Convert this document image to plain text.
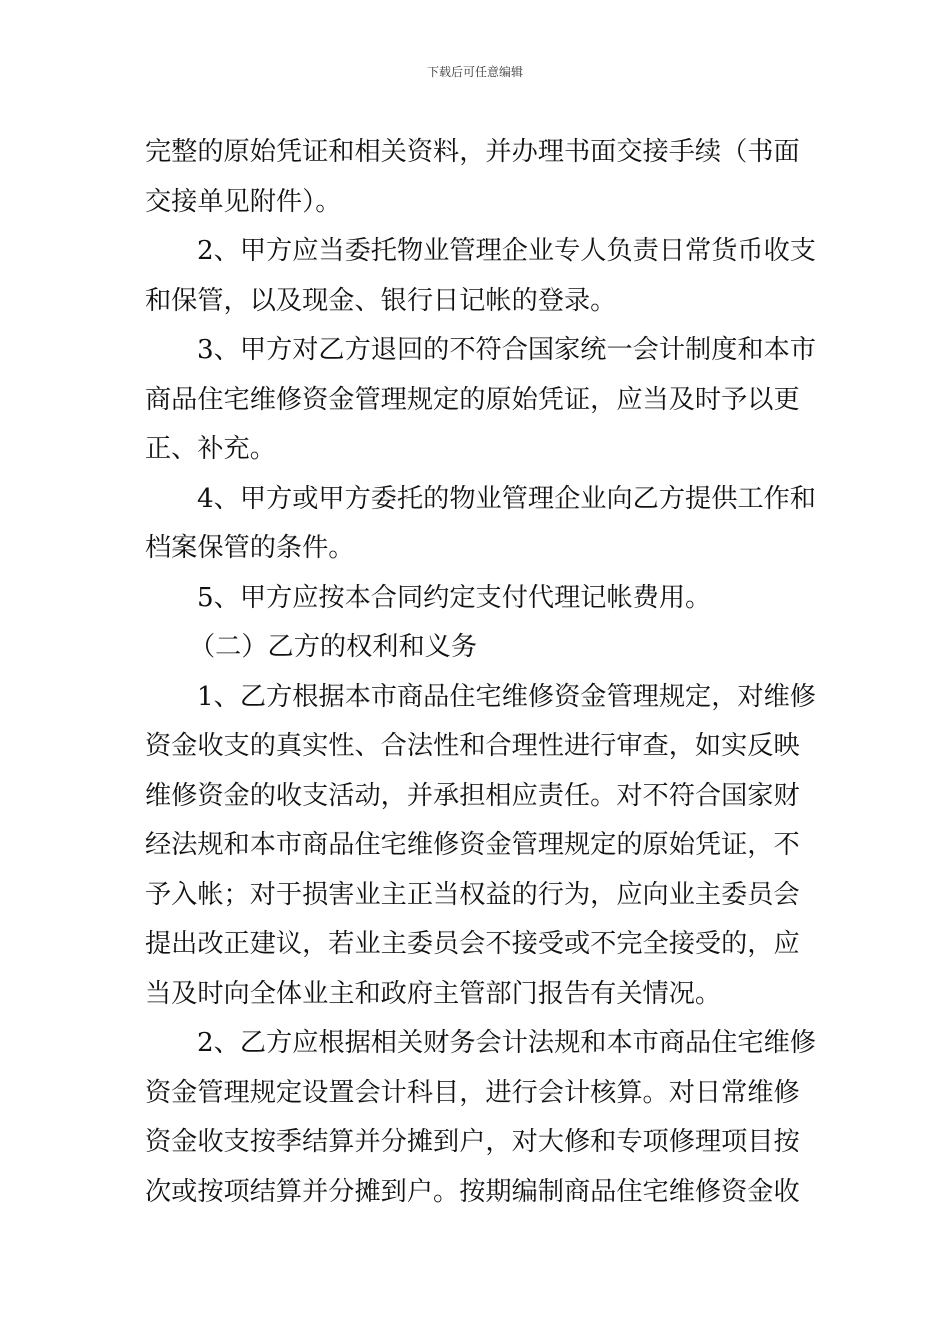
下载后可任意编辑
完整的原始凭证和相关资料，并办理书面交接手续（书面
交接单见附件）。
2、甲方应当委托物业管理企业专人负责日常货币收支
和保管，以及现金、银行日记帐的登录。
3、甲方对乙方退回的不符合国家统一会计制度和本市
商品住宅维修资金管理规定的原始凭证，应当及时予以更
正、补充。
4、甲方或甲方委托的物业管理企业向乙方提供工作和
档案保管的条件。
5、甲方应按本合同约定支付代理记帐费用。
（二）乙方的权利和义务
1、乙方根据本市商品住宅维修资金管理规定，对维修
资金收支的真实性、合法性和合理性进行审查，如实反映
维修资金的收支活动，并承担相应责任。对不符合国家财
经法规和本市商品住宅维修资金管理规定的原始凭证，不
予入帐；对于损害业主正当权益的行为，应向业主委员会
提出改正建议，若业主委员会不接受或不完全接受的，应
当及时向全体业主和政府主管部门报告有关情况。
2、乙方应根据相关财务会计法规和本市商品住宅维修
资金管理规定设置会计科目，进行会计核算。对日常维修
资金收支按季结算并分摊到户，对大修和专项修理项目按
次或按项结算并分摊到户。按期编制商品住宅维修资金收
